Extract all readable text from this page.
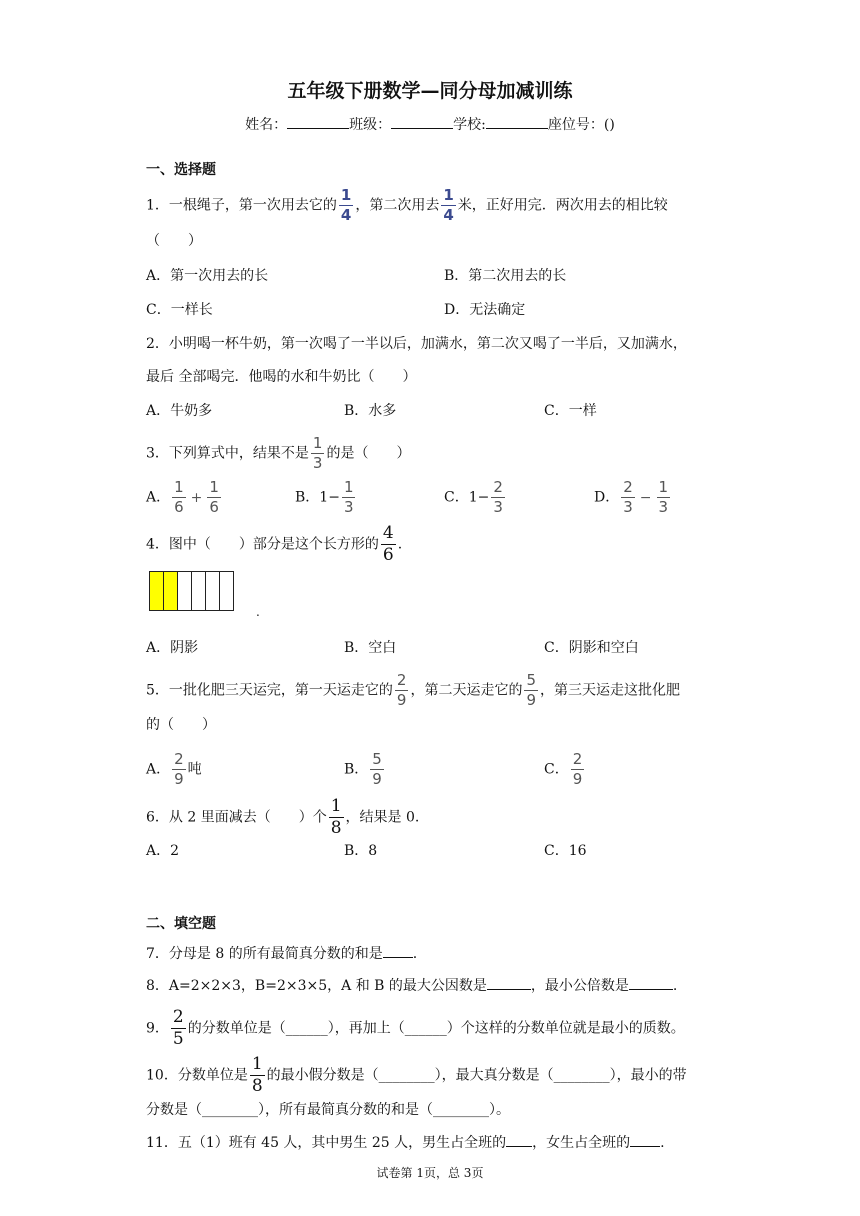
五年级下册数学—同分母加减训练
姓名：	班级：	学校:	座位号：()
一、选择题
1．一根绳子，第一次用去它的 $\frac{1}{4}$ ，第二次用去 $\frac{1}{4}$ 米，正好用完．两次用去的相比较
（　　）
A．第一次用去的长	B．第二次用去的长
C．一样长	D．无法确定
2．小明喝一杯牛奶，第一次喝了一半以后，加满水，第二次又喝了一半后，又加满水，
最后 全部喝完．他喝的水和牛奶比（　　）
A．牛奶多	B．水多	C．一样
3．下列算式中，结果不是 $\frac{1}{3}$ 的是（　　）
A． $\frac{1}{6} + \frac{1}{6}$	B．$1- \frac{1}{3}$	C．$1- \frac{2}{3}$	D． $\frac{2}{3} - \frac{1}{3}$
4．图中（　　）部分是这个长方形的 $\frac{4}{6}$ .
.
A．阴影	B．空白	C．阴影和空白
5．一批化肥三天运完，第一天运走它的 $\frac{2}{9}$ ，第二天运走它的 $\frac{5}{9}$ ，第三天运走这批化肥
的（　　）
A． $\frac{2}{9}$ 吨	B． $\frac{5}{9}$	C． $\frac{2}{9}$
6．从 2 里面减去（　　）个 $\frac{1}{8}$ ，结果是 0.
A．2	B．8	C．16
二、填空题
7．分母是 8 的所有最简真分数的和是 .
8．A=2×2×3，B=2×3×5，A 和 B 的最大公因数是	，最小公倍数是	.
9． $\frac{2}{5}$ 的分数单位是（______），再加上（______）个这样的分数单位就是最小的质数。
10．分数单位是 $\frac{1}{8}$ 的最小假分数是（________），最大真分数是（________），最小的带
分数是（________），所有最简真分数的和是（________）。
11．五（1）班有 45 人，其中男生 25 人，男生占全班的 ，女生占全班的 .
试卷第 1页，总 3页
